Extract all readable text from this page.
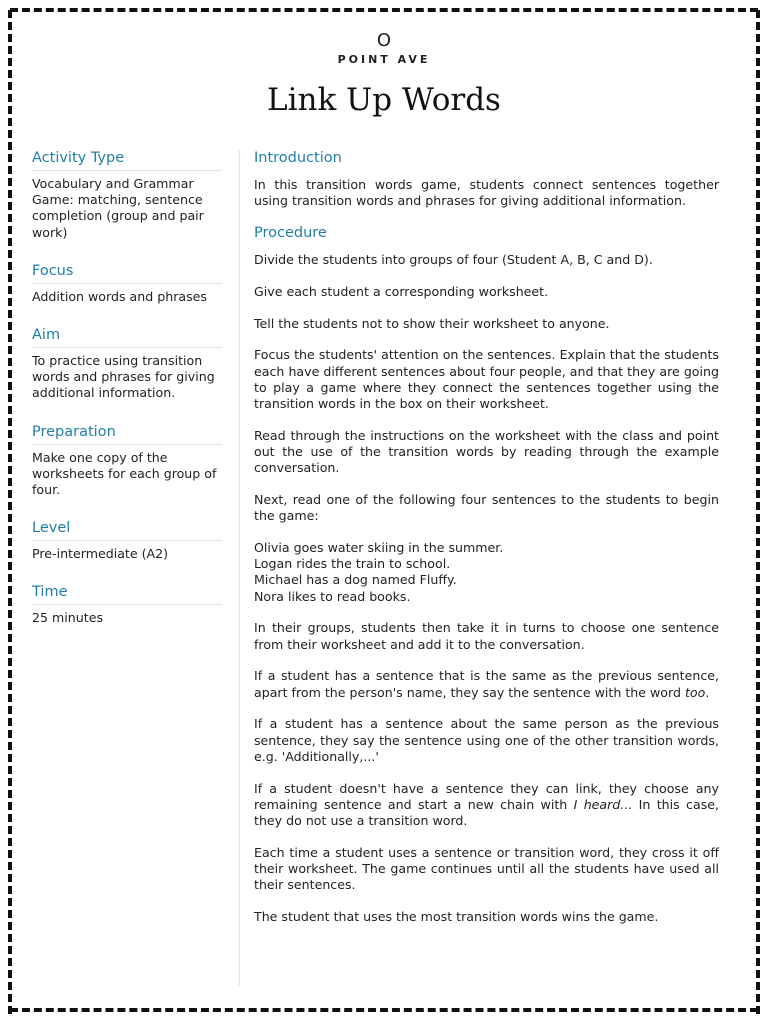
O
POINT AVE
Link Up Words
Activity Type
Vocabulary and Grammar Game: matching, sentence completion (group and pair work)
Focus
Addition words and phrases
Aim
To practice using transition words and phrases for giving additional information.
Preparation
Make one copy of the worksheets for each group of four.
Level
Pre-intermediate (A2)
Time
25 minutes
Introduction

In this transition words game, students connect sentences together using transition words and phrases for giving additional information.

Procedure

Divide the students into groups of four (Student A, B, C and D).

Give each student a corresponding worksheet.

Tell the students not to show their worksheet to anyone.

Focus the students' attention on the sentences. Explain that the students each have different sentences about four people, and that they are going to play a game where they connect the sentences together using the transition words in the box on their worksheet.

Read through the instructions on the worksheet with the class and point out the use of the transition words by reading through the example conversation.

Next, read one of the following four sentences to the students to begin the game:

Olivia goes water skiing in the summer.
Logan rides the train to school.
Michael has a dog named Fluffy.
Nora likes to read books.

In their groups, students then take it in turns to choose one sentence from their worksheet and add it to the conversation.

If a student has a sentence that is the same as the previous sentence, apart from the person's name, they say the sentence with the word too.

If a student has a sentence about the same person as the previous sentence, they say the sentence using one of the other transition words, e.g. 'Additionally,...'

If a student doesn't have a sentence they can link, they choose any remaining sentence and start a new chain with I heard... In this case, they do not use a transition word.

Each time a student uses a sentence or transition word, they cross it off their worksheet. The game continues until all the students have used all their sentences.

The student that uses the most transition words wins the game.
